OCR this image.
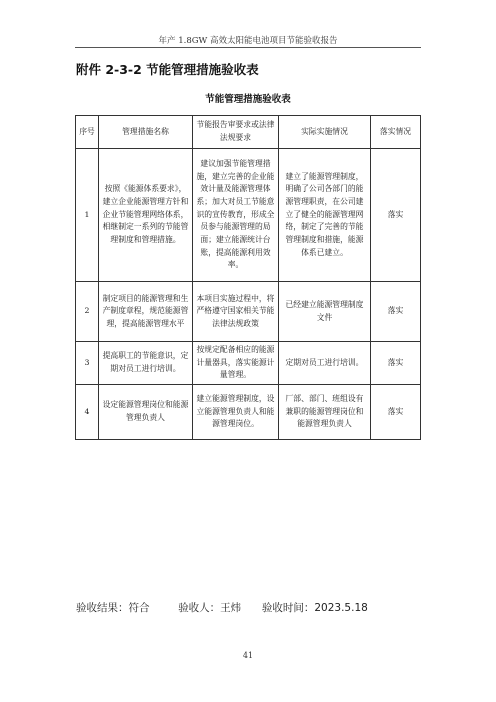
年产 1.8GW 高效太阳能电池项目节能验收报告
附件 2-3-2 节能管理措施验收表
节能管理措施验收表
序号	管理措施名称	节能报告审要求或法律法规要求	实际实施情况	落实情况
1	按照《能源体系要求》，建立企业能源管理方针和企业节能管理网络体系，相继制定一系列的节能管理制度和管理措施。	建议加强节能管理措施，建立完善的企业能效计量及能源管理体系；加大对员工节能意识的宣传教育，形成全员参与能源管理的局面；建立能源统计台账，提高能源利用效率。	建立了能源管理制度，明确了公司各部门的能源管理职责，在公司建立了健全的能源管理网络，制定了完善的节能管理制度和措施，能源体系已建立。	落实
2	制定项目的能源管理和生产制度章程，规范能源管理，提高能源管理水平	本项目实施过程中，将严格遵守国家相关节能法律法规政策	已经建立能源管理制度文件	落实
3	提高职工的节能意识，定期对员工进行培训。	按规定配备相应的能源计量器具，落实能源计量管理。	定期对员工进行培训。	落实
4	设定能源管理岗位和能源管理负责人	建立能源管理制度，设立能源管理负责人和能源管理岗位。	厂部、部门、班组设有兼职的能源管理岗位和能源管理负责人	落实
验收结果：符合	验收人：王炜 验收时间：2023.5.18
41
